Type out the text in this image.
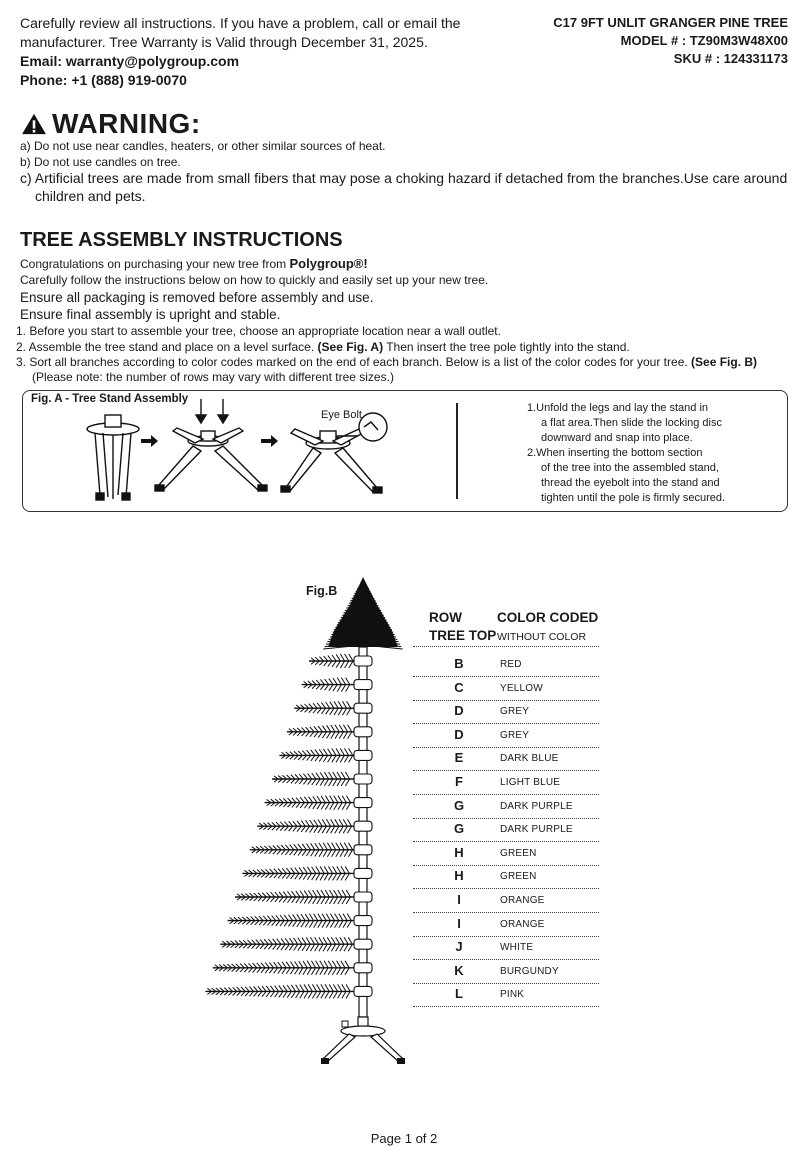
Carefully review all instructions. If you have a problem, call or email the manufacturer. Tree Warranty is Valid through December 31, 2025.
Email: warranty@polygroup.com
Phone: +1 (888) 919-0070
C17 9FT UNLIT GRANGER PINE TREE
MODEL # : TZ90M3W48X00
SKU # : 124331173
WARNING:
a) Do not use near candles, heaters, or other similar sources of heat.
b) Do not use candles on tree.
c) Artificial trees are made from small fibers that may pose a choking hazard if detached from the branches.Use care around
children and pets.
TREE ASSEMBLY INSTRUCTIONS
Congratulations on purchasing your new tree from Polygroup®!
Carefully follow the instructions below on how to quickly and easily set up your new tree.
Ensure all packaging is removed before assembly and use.
Ensure final assembly is upright and stable.
1. Before you start to assemble your tree, choose an appropriate location near a wall outlet.
2. Assemble the tree stand and place on a level surface. (See Fig. A) Then insert the tree pole tightly into the stand.
3. Sort all branches according to color codes marked on the end of each branch. Below is a list of the color codes for your tree. (See Fig. B)
(Please note: the number of rows may vary with different tree sizes.)
Fig. A - Tree Stand Assembly
Eye Bolt
1.Unfold the legs and lay the stand in
a flat area.Then slide the locking disc
downward and snap into place.
2.When inserting the bottom section
of the tree into the assembled stand,
thread the eyebolt into the stand and
tighten until the pole is firmly secured.
Fig.B
ROW	COLOR CODED
TREE TOP WITHOUT COLOR
B	RED
C	YELLOW
D	GREY
D	GREY
E	DARK BLUE
F	LIGHT BLUE
G	DARK PURPLE
G	DARK PURPLE
H	GREEN
H	GREEN
I	ORANGE
I	ORANGE
J	WHITE
K	BURGUNDY
L	PINK
Page 1 of 2
